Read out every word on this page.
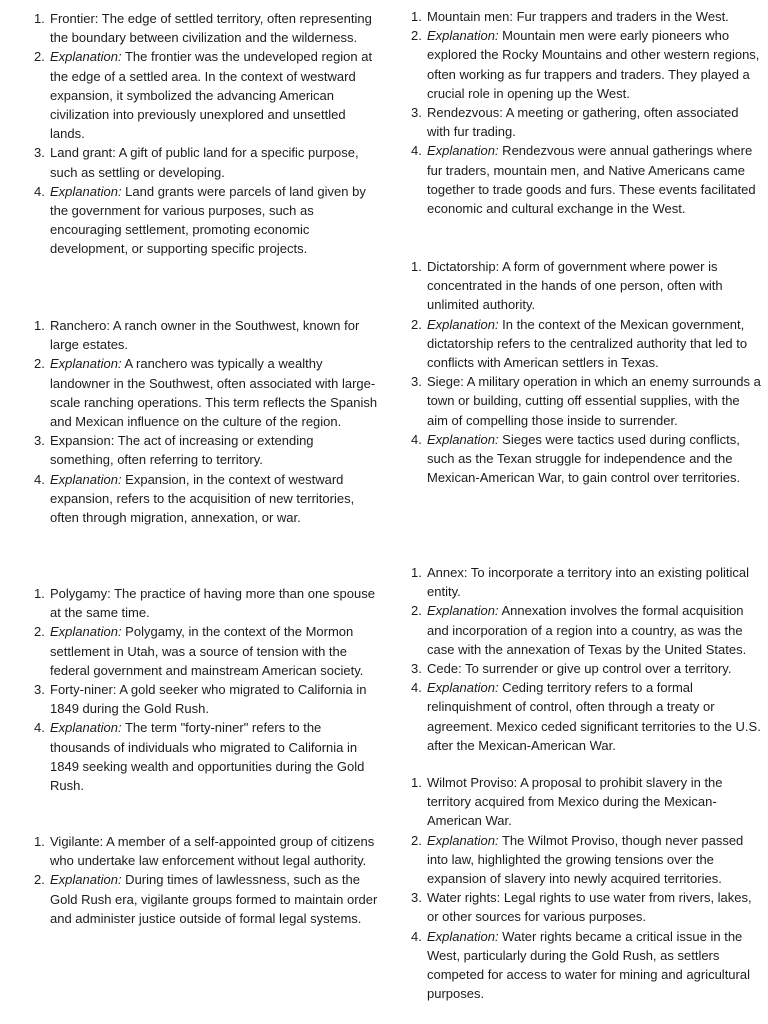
1. Frontier: The edge of settled territory, often representing the boundary between civilization and the wilderness.
2. Explanation: The frontier was the undeveloped region at the edge of a settled area. In the context of westward expansion, it symbolized the advancing American civilization into previously unexplored and unsettled lands.
3. Land grant: A gift of public land for a specific purpose, such as settling or developing.
4. Explanation: Land grants were parcels of land given by the government for various purposes, such as encouraging settlement, promoting economic development, or supporting specific projects.
1. Ranchero: A ranch owner in the Southwest, known for large estates.
2. Explanation: A ranchero was typically a wealthy landowner in the Southwest, often associated with large-scale ranching operations. This term reflects the Spanish and Mexican influence on the culture of the region.
3. Expansion: The act of increasing or extending something, often referring to territory.
4. Explanation: Expansion, in the context of westward expansion, refers to the acquisition of new territories, often through migration, annexation, or war.
1. Polygamy: The practice of having more than one spouse at the same time.
2. Explanation: Polygamy, in the context of the Mormon settlement in Utah, was a source of tension with the federal government and mainstream American society.
3. Forty-niner: A gold seeker who migrated to California in 1849 during the Gold Rush.
4. Explanation: The term "forty-niner" refers to the thousands of individuals who migrated to California in 1849 seeking wealth and opportunities during the Gold Rush.
1. Vigilante: A member of a self-appointed group of citizens who undertake law enforcement without legal authority.
2. Explanation: During times of lawlessness, such as the Gold Rush era, vigilante groups formed to maintain order and administer justice outside of formal legal systems.
1. Mountain men: Fur trappers and traders in the West.
2. Explanation: Mountain men were early pioneers who explored the Rocky Mountains and other western regions, often working as fur trappers and traders. They played a crucial role in opening up the West.
3. Rendezvous: A meeting or gathering, often associated with fur trading.
4. Explanation: Rendezvous were annual gatherings where fur traders, mountain men, and Native Americans came together to trade goods and furs. These events facilitated economic and cultural exchange in the West.
1. Dictatorship: A form of government where power is concentrated in the hands of one person, often with unlimited authority.
2. Explanation: In the context of the Mexican government, dictatorship refers to the centralized authority that led to conflicts with American settlers in Texas.
3. Siege: A military operation in which an enemy surrounds a town or building, cutting off essential supplies, with the aim of compelling those inside to surrender.
4. Explanation: Sieges were tactics used during conflicts, such as the Texan struggle for independence and the Mexican-American War, to gain control over territories.
1. Annex: To incorporate a territory into an existing political entity.
2. Explanation: Annexation involves the formal acquisition and incorporation of a region into a country, as was the case with the annexation of Texas by the United States.
3. Cede: To surrender or give up control over a territory.
4. Explanation: Ceding territory refers to a formal relinquishment of control, often through a treaty or agreement. Mexico ceded significant territories to the U.S. after the Mexican-American War.
1. Wilmot Proviso: A proposal to prohibit slavery in the territory acquired from Mexico during the Mexican-American War.
2. Explanation: The Wilmot Proviso, though never passed into law, highlighted the growing tensions over the expansion of slavery into newly acquired territories.
3. Water rights: Legal rights to use water from rivers, lakes, or other sources for various purposes.
4. Explanation: Water rights became a critical issue in the West, particularly during the Gold Rush, as settlers competed for access to water for mining and agricultural purposes.
